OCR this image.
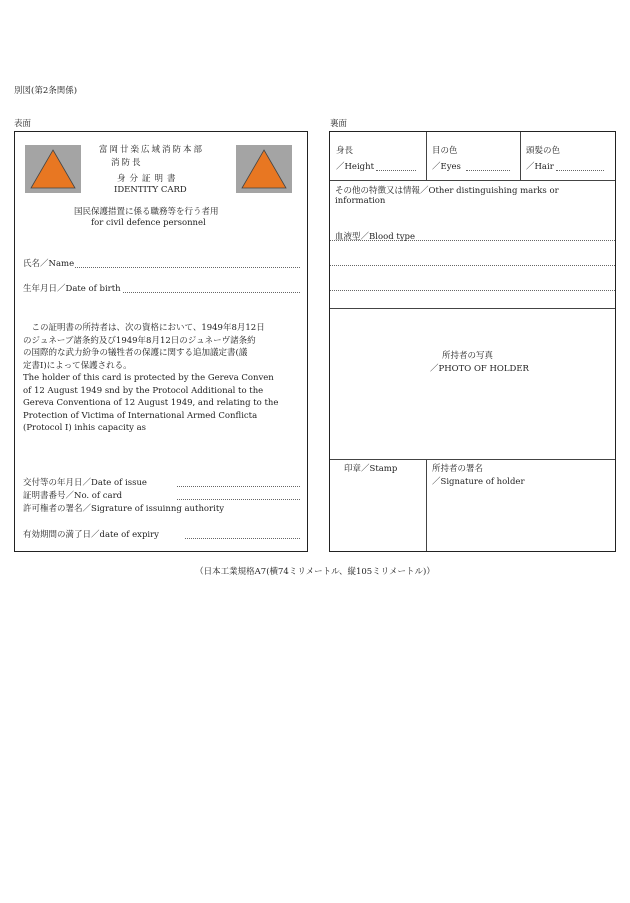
別図(第2条関係)
表面	裏面
富岡廿楽広域消防本部
消防長
身分証明書
IDENTITY CARD
国民保護措置に係る職務等を行う者用
for civil defence personnel
氏名／Name
生年月日／Date of birth
　この証明書の所持者は、次の資格において、1949年8月12日
のジュネーブ諸条約及び1949年8月12日のジュネーヴ諸条約
の国際的な武力紛争の犠牲者の保護に関する追加議定書(議
定書I)によって保護される。
The holder of this card is protected by the Gereva Conven
of 12 August 1949 snd by the Protocol Additional to the
Gereva Conventiona of 12 August 1949, and relating to the
Protection of Victima of International Armed Conflicta
(Protocol Ⅰ) inhis capacity as
交付等の年月日／Date of issue
証明書番号／No. of card
許可権者の署名／Sigrature of issuinng authority
有効期間の満了日／date of expiry
身長
／Height
目の色
／Eyes
頭髪の色
／Hair
その他の特徴又は情報／Other distinguishing marks or
information
血液型／Blood type
所持者の写真
／PHOTO OF HOLDER
印章／Stamp	所持者の署名
／Signature of holder
（日本工業規格A7(横74ミリメートル、縦105ミリメートル)）
